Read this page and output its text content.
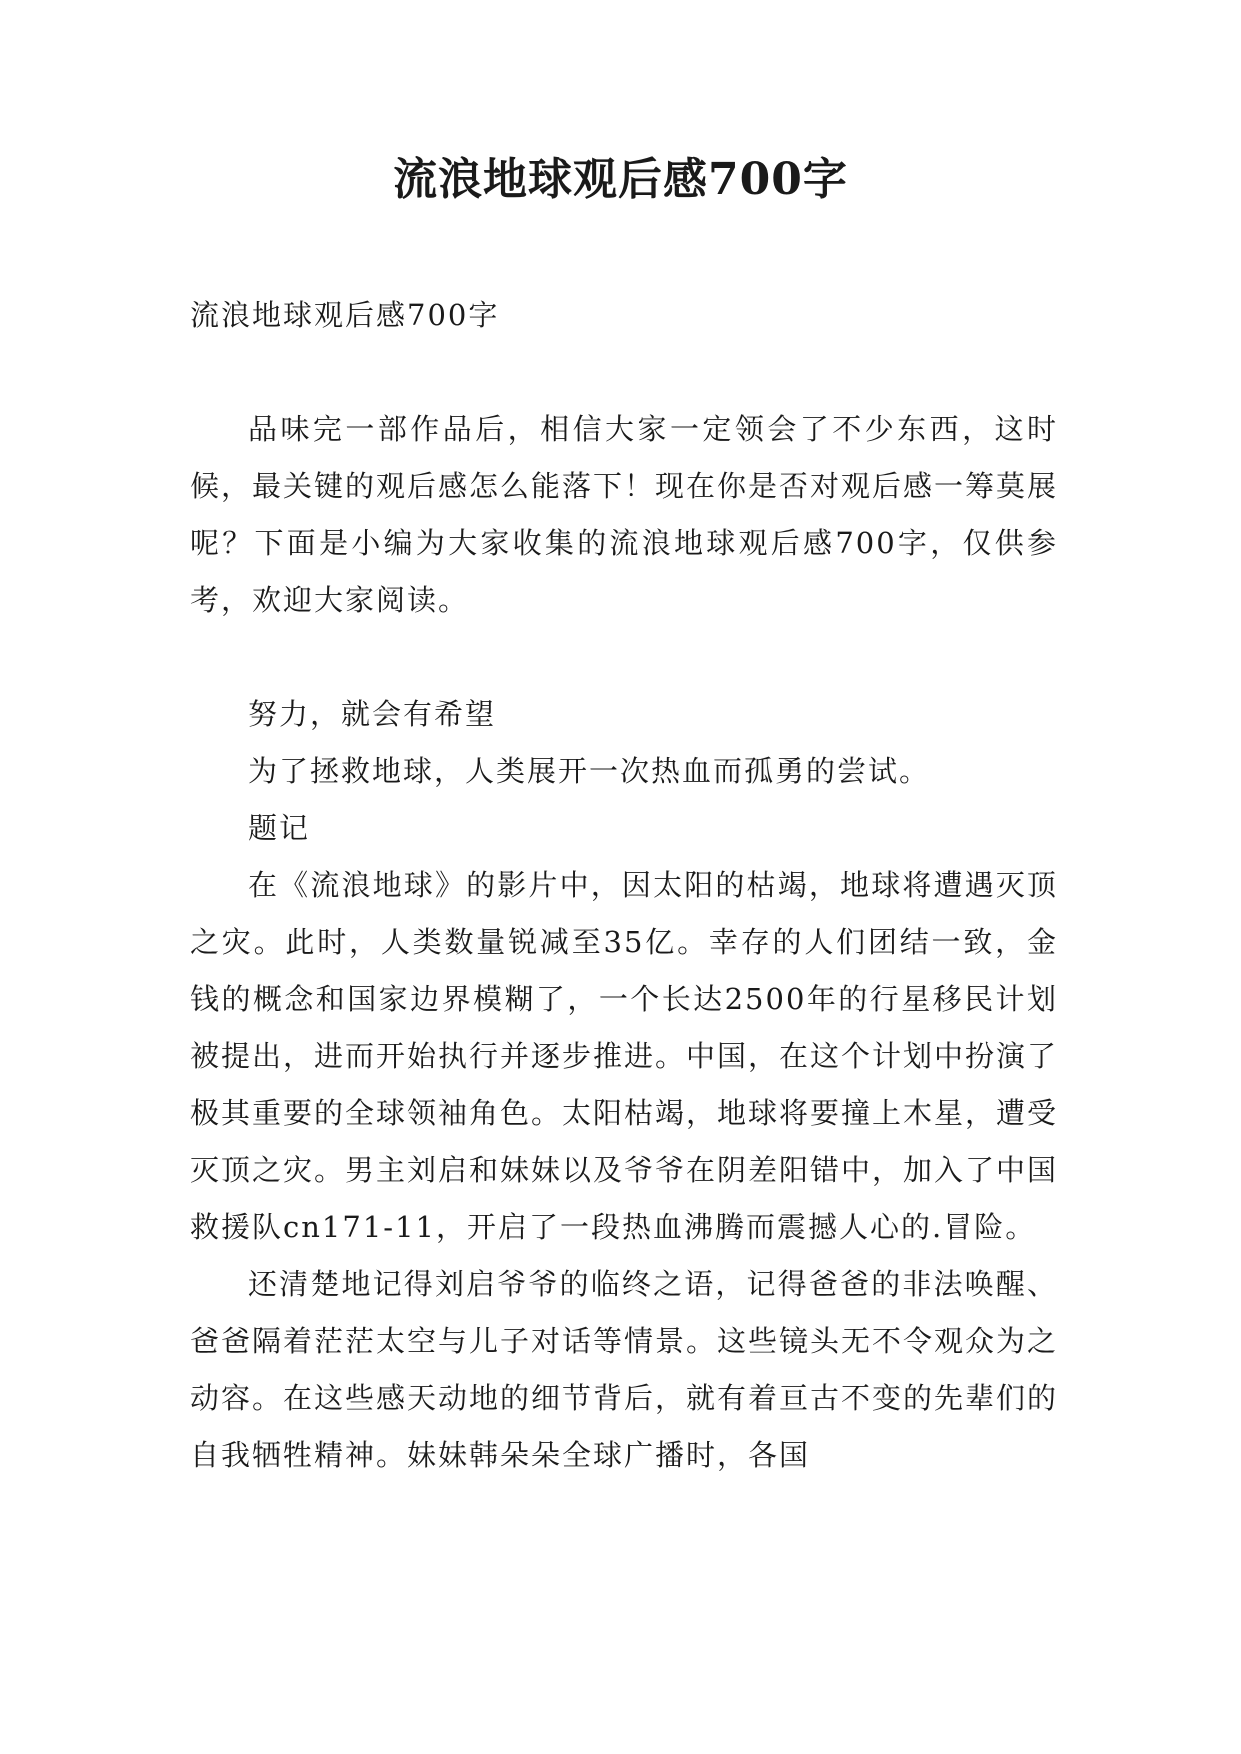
流浪地球观后感700字

流浪地球观后感700字

品味完一部作品后，相信大家一定领会了不少东西，这时候，最关键的观后感怎么能落下！现在你是否对观后感一筹莫展呢？下面是小编为大家收集的流浪地球观后感700字，仅供参考，欢迎大家阅读。

努力，就会有希望

为了拯救地球，人类展开一次热血而孤勇的尝试。

题记

在《流浪地球》的影片中，因太阳的枯竭，地球将遭遇灭顶之灾。此时，人类数量锐减至35亿。幸存的人们团结一致，金钱的概念和国家边界模糊了，一个长达2500年的行星移民计划被提出，进而开始执行并逐步推进。中国，在这个计划中扮演了极其重要的全球领袖角色。太阳枯竭，地球将要撞上木星，遭受灭顶之灾。男主刘启和妹妹以及爷爷在阴差阳错中，加入了中国救援队cn171-11，开启了一段热血沸腾而震撼人心的.冒险。

还清楚地记得刘启爷爷的临终之语，记得爸爸的非法唤醒、爸爸隔着茫茫太空与儿子对话等情景。这些镜头无不令观众为之动容。在这些感天动地的细节背后，就有着亘古不变的先辈们的自我牺牲精神。妹妹韩朵朵全球广播时，各国
